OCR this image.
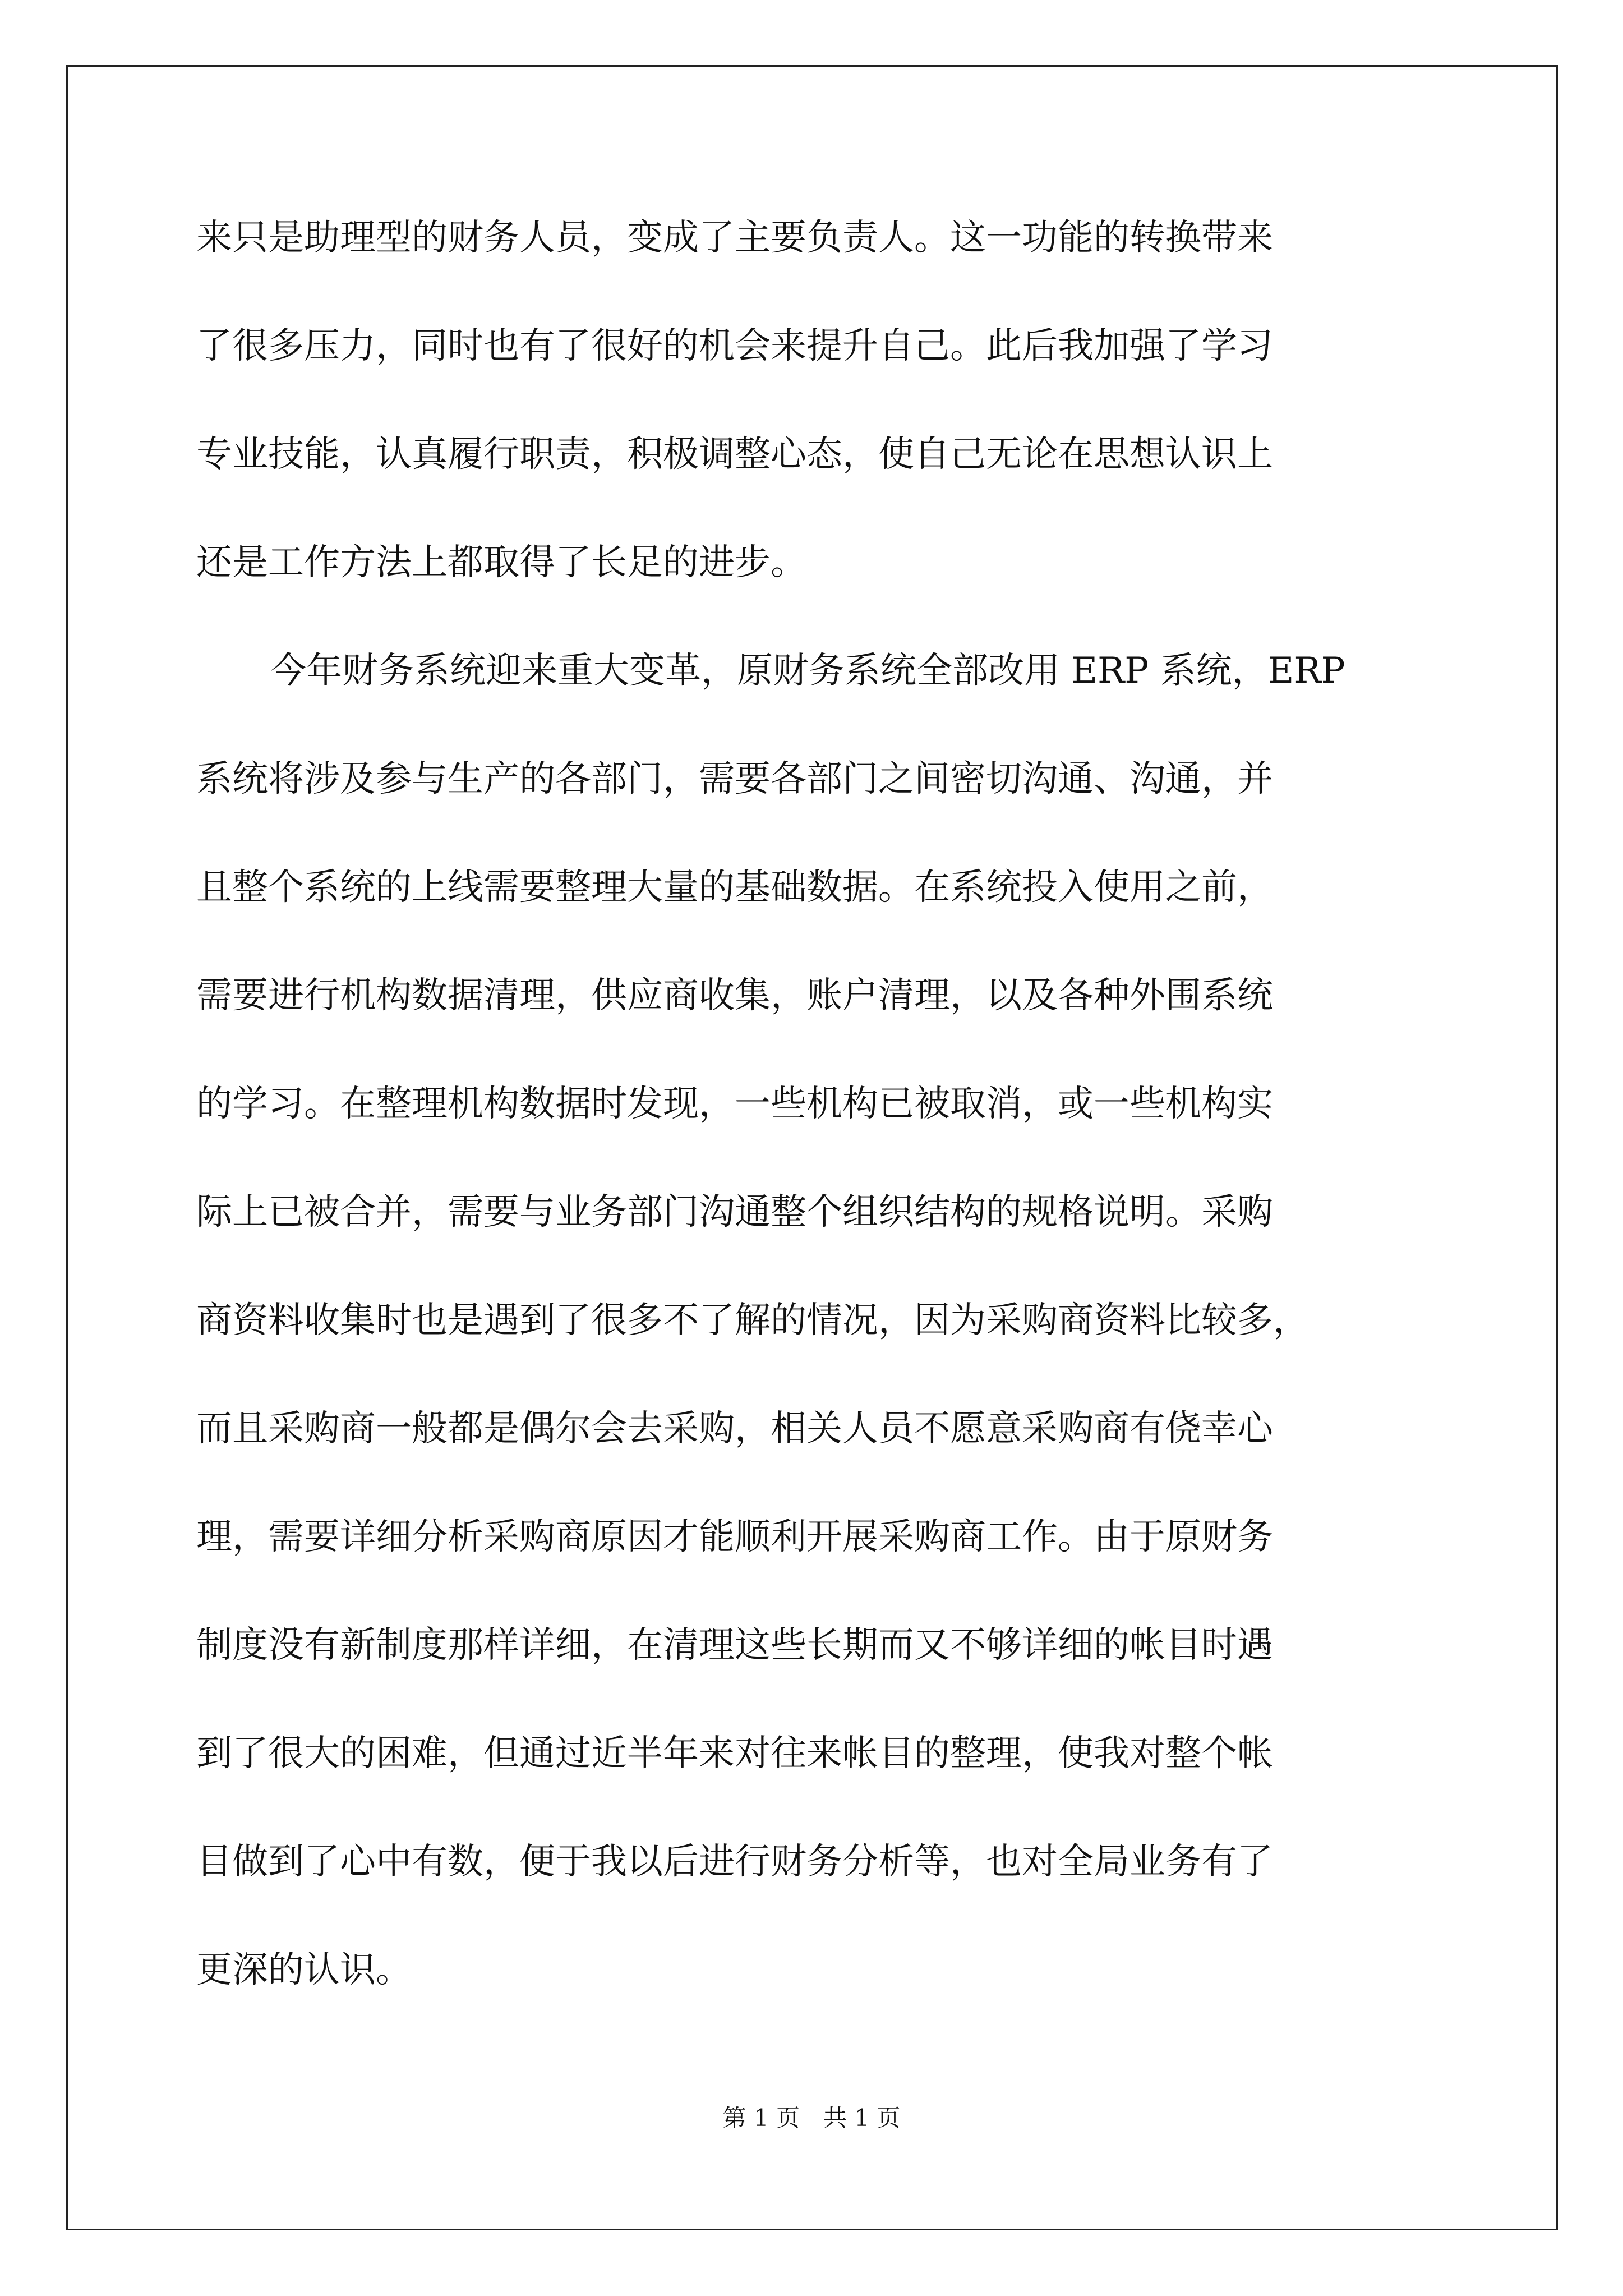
来只是助理型的财务人员，变成了主要负责人。这一功能的转换带来
了很多压力，同时也有了很好的机会来提升自己。此后我加强了学习
专业技能，认真履行职责，积极调整心态，使自己无论在思想认识上
还是工作方法上都取得了长足的进步。
今年财务系统迎来重大变革，原财务系统全部改用 ERP 系统，ERP
系统将涉及参与生产的各部门，需要各部门之间密切沟通、沟通，并
且整个系统的上线需要整理大量的基础数据。在系统投入使用之前，
需要进行机构数据清理，供应商收集，账户清理，以及各种外围系统
的学习。在整理机构数据时发现，一些机构已被取消，或一些机构实
际上已被合并，需要与业务部门沟通整个组织结构的规格说明。采购
商资料收集时也是遇到了很多不了解的情况，因为采购商资料比较多，
而且采购商一般都是偶尔会去采购，相关人员不愿意采购商有侥幸心
理，需要详细分析采购商原因才能顺利开展采购商工作。由于原财务
制度没有新制度那样详细，在清理这些长期而又不够详细的帐目时遇
到了很大的困难，但通过近半年来对往来帐目的整理，使我对整个帐
目做到了心中有数，便于我以后进行财务分析等，也对全局业务有了
更深的认识。
第 1 页　共 1 页
